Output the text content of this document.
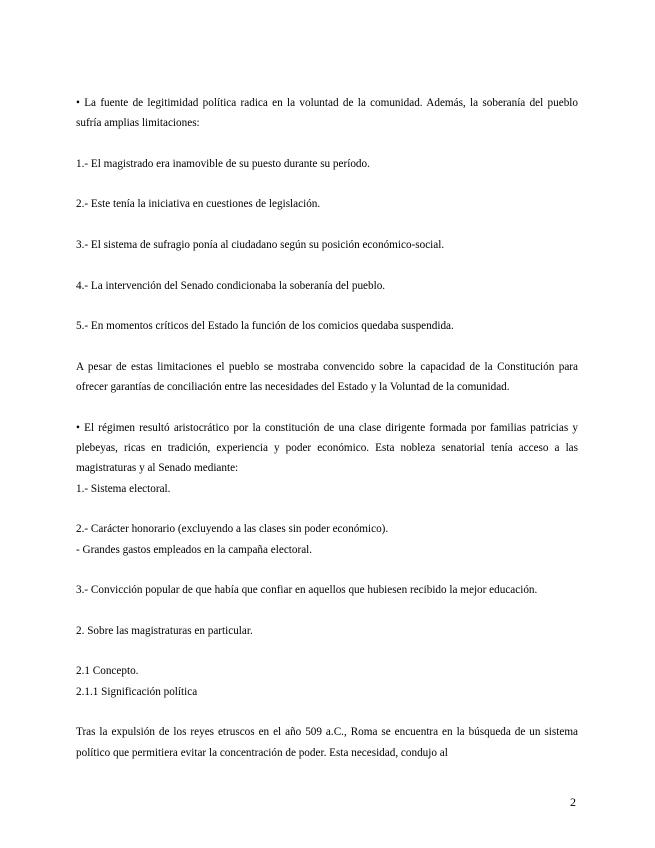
• La fuente de legitimidad política radica en la voluntad de la comunidad. Además, la soberanía del pueblo sufría amplias limitaciones:

1.- El magistrado era inamovible de su puesto durante su período.

2.- Este tenía la iniciativa en cuestiones de legislación.

3.- El sistema de sufragio ponía al ciudadano según su posición económico-social.

4.- La intervención del Senado condicionaba la soberanía del pueblo.

5.- En momentos críticos del Estado la función de los comicios quedaba suspendida.

A pesar de estas limitaciones el pueblo se mostraba convencido sobre la capacidad de la Constitución para ofrecer garantías de conciliación entre las necesidades del Estado y la Voluntad de la comunidad.

• El régimen resultó aristocrático por la constitución de una clase dirigente formada por familias patricias y plebeyas, ricas en tradición, experiencia y poder económico. Esta nobleza senatorial tenía acceso a las magistraturas y al Senado mediante:

1.- Sistema electoral.

2.- Carácter honorario (excluyendo a las clases sin poder económico).

- Grandes gastos empleados en la campaña electoral.

3.- Convicción popular de que había que confiar en aquellos que hubiesen recibido la mejor educación.

2. Sobre las magistraturas en particular.

2.1 Concepto.

2.1.1 Significación política

Tras la expulsión de los reyes etruscos en el año 509 a.C., Roma se encuentra en la búsqueda de un sistema político que permitiera evitar la concentración de poder. Esta necesidad, condujo al

2
